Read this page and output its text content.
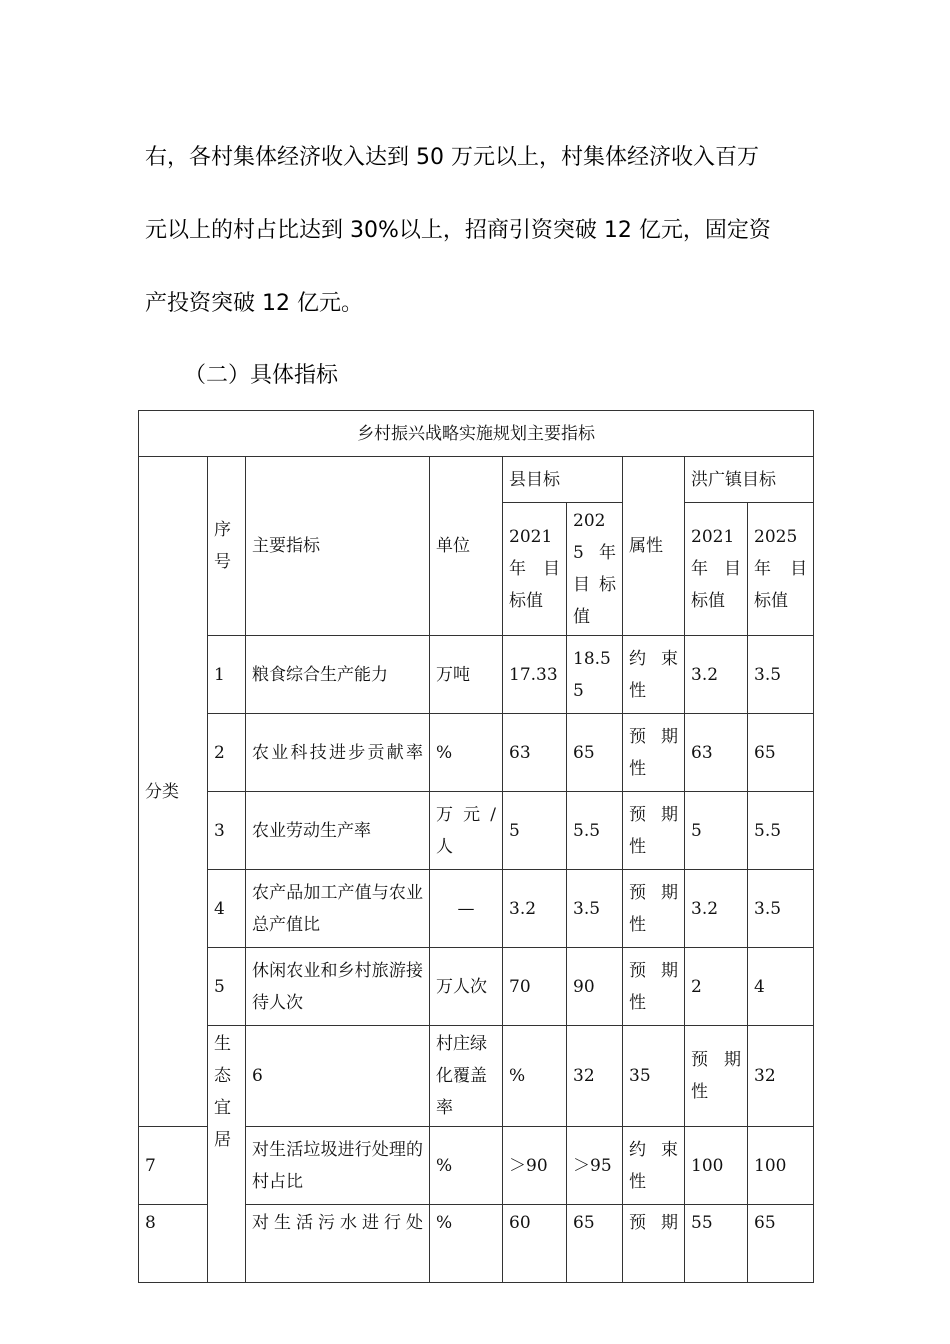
右，各村集体经济收入达到 50 万元以上，村集体经济收入百万
元以上的村占比达到 30%以上，招商引资突破 12 亿元，固定资
产投资突破 12 亿元。
（二）具体指标
乡村振兴战略实施规划主要指标									
分类	序号	主要指标	单位	县目标		属性	洪广镇目标		
				2021 年 目 标值	2025 年 目 标值		2021 年 目 标值	2025 年 目 标值	
	1	粮食综合生产能力	万吨	17.33	18.55	约 束 性	3.2	3.5	
	2	农业科技进步贡献率	%	63	65	预 期 性	63	65	
	3	农业劳动生产率	万 元 / 人	5	5.5	预 期 性	5	5.5	
	4	农产品加工产值与农业总产值比	—	3.2	3.5	预 期 性	3.2	3.5	
	5	休闲农业和乡村旅游接待人次	万人次	70	90	预 期 性	2	4	
	生 态 宜居	6	村庄绿化覆盖率	%	32	35	预 期 性	32	
7		对生活垃圾进行处理的村占比	%	＞90	＞95	约 束 性	100	100	
8		对生活污水进行处	%	60	65	预 期	55	65	
